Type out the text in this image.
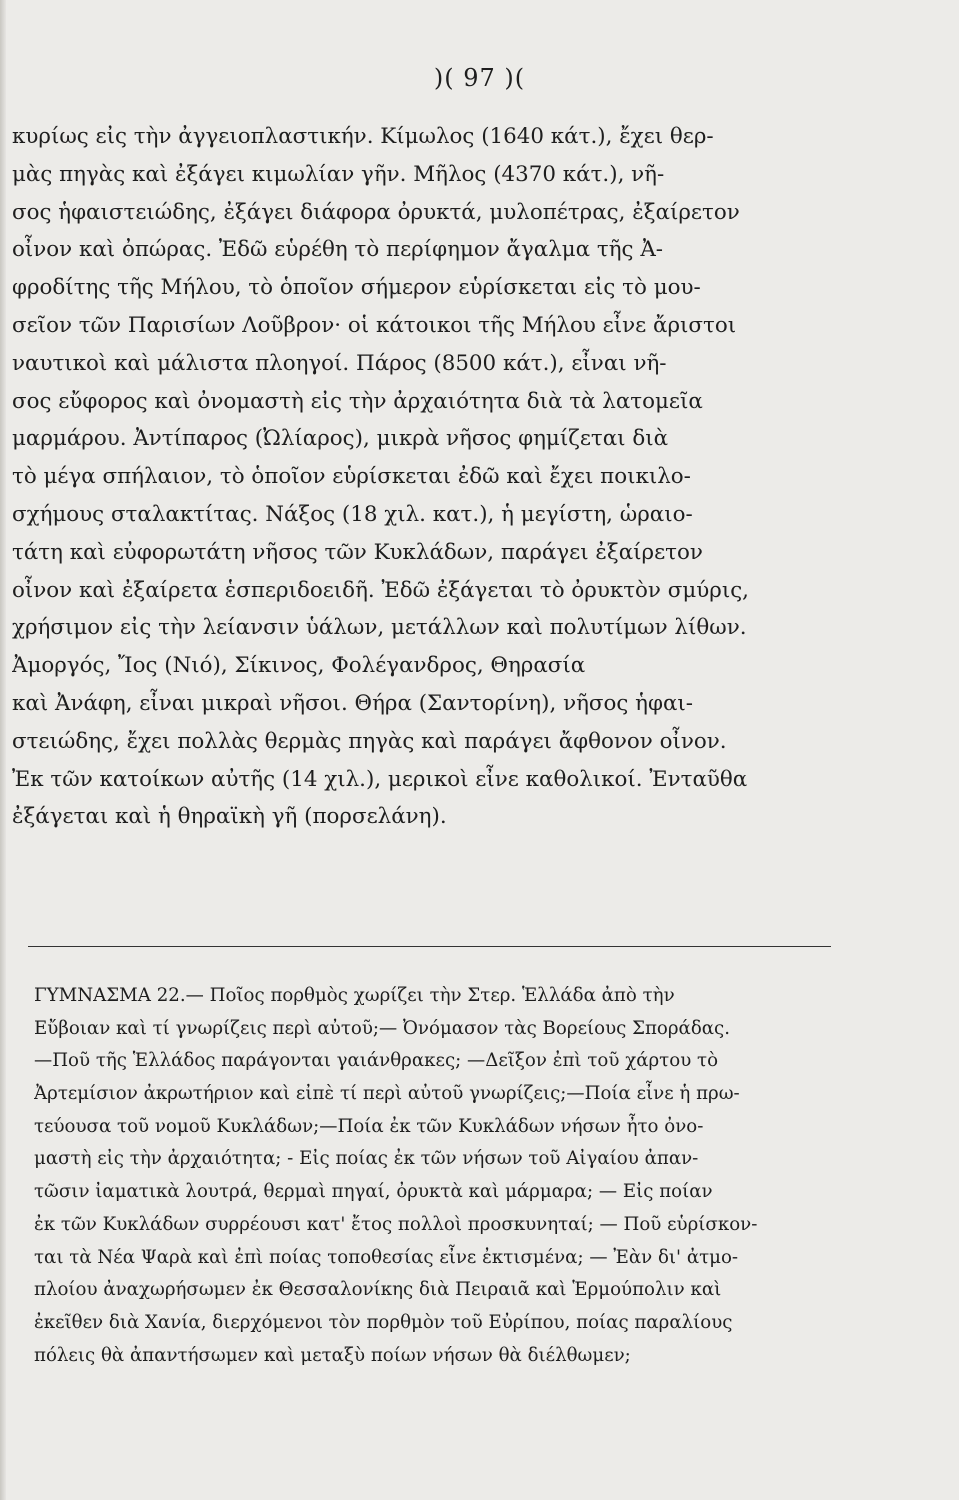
)( 97 )(
κυρίως εἰς τὴν ἀγγειοπλαστικήν. Κίμωλος (1640 κάτ.), ἔχει θερ-
μὰς πηγὰς καὶ ἐξάγει κιμωλίαν γῆν. Μῆλος (4370 κάτ.), νῆ-
σος ἡφαιστειώδης, ἐξάγει διάφορα ὀρυκτά, μυλοπέτρας, ἐξαίρετον
οἶνον καὶ ὀπώρας. Ἐδῶ εὑρέθη τὸ περίφημον ἄγαλμα τῆς Ἀ-
φροδίτης τῆς Μήλου, τὸ ὁποῖον σήμερον εὑρίσκεται εἰς τὸ μου-
σεῖον τῶν Παρισίων Λοῦβρον· οἱ κάτοικοι τῆς Μήλου εἶνε ἄριστοι
ναυτικοὶ καὶ μάλιστα πλοηγοί. Πάρος (8500 κάτ.), εἶναι νῆ-
σος εὔφορος καὶ ὀνομαστὴ εἰς τὴν ἀρχαιότητα διὰ τὰ λατομεῖα
μαρμάρου. Ἀντίπαρος (Ὠλίαρος), μικρὰ νῆσος φημίζεται διὰ
τὸ μέγα σπήλαιον, τὸ ὁποῖον εὑρίσκεται ἐδῶ καὶ ἔχει ποικιλο-
σχήμους σταλακτίτας. Νάξος (18 χιλ. κατ.), ἡ μεγίστη, ὡραιο-
τάτη καὶ εὐφορωτάτη νῆσος τῶν Κυκλάδων, παράγει ἐξαίρετον
οἶνον καὶ ἐξαίρετα ἑσπεριδοειδῆ. Ἐδῶ ἐξάγεται τὸ ὀρυκτὸν σμύρις,
χρήσιμον εἰς τὴν λείανσιν ὑάλων, μετάλλων καὶ πολυτίμων λίθων.
Ἀμοργός, Ἴος (Νιό), Σίκινος, Φολέγανδρος, Θηρασία
καὶ Ἀνάφη, εἶναι μικραὶ νῆσοι. Θήρα (Σαντορίνη), νῆσος ἡφαι-
στειώδης, ἔχει πολλὰς θερμὰς πηγὰς καὶ παράγει ἄφθονον οἶνον.
Ἐκ τῶν κατοίκων αὐτῆς (14 χιλ.), μερικοὶ εἶνε καθολικοί. Ἐνταῦθα
ἐξάγεται καὶ ἡ θηραϊκὴ γῆ (πορσελάνη).
ΓΥΜΝΑΣΜΑ 22.— Ποῖος πορθμὸς χωρίζει τὴν Στερ. Ἑλλάδα ἀπὸ τὴν
Εὔβοιαν καὶ τί γνωρίζεις περὶ αὐτοῦ;— Ὀνόμασον τὰς Βορείους Σποράδας.
—Ποῦ τῆς Ἑλλάδος παράγονται γαιάνθρακες; —Δεῖξον ἐπὶ τοῦ χάρτου τὸ
Ἀρτεμίσιον ἀκρωτήριον καὶ εἰπὲ τί περὶ αὐτοῦ γνωρίζεις;—Ποία εἶνε ἡ πρω-
τεύουσα τοῦ νομοῦ Κυκλάδων;—Ποία ἐκ τῶν Κυκλάδων νήσων ἦτο ὀνο-
μαστὴ εἰς τὴν ἀρχαιότητα; - Εἰς ποίας ἐκ τῶν νήσων τοῦ Αἰγαίου ἀπαν-
τῶσιν ἰαματικὰ λουτρά, θερμαὶ πηγαί, ὀρυκτὰ καὶ μάρμαρα; — Εἰς ποίαν
ἐκ τῶν Κυκλάδων συρρέουσι κατ' ἔτος πολλοὶ προσκυνηταί; — Ποῦ εὑρίσκον-
ται τὰ Νέα Ψαρὰ καὶ ἐπὶ ποίας τοποθεσίας εἶνε ἐκτισμένα; — Ἐὰν δι' ἀτμο-
πλοίου ἀναχωρήσωμεν ἐκ Θεσσαλονίκης διὰ Πειραιᾶ καὶ Ἑρμούπολιν καὶ
ἐκεῖθεν διὰ Χανία, διερχόμενοι τὸν πορθμὸν τοῦ Εὐρίπου, ποίας παραλίους
πόλεις θὰ ἀπαντήσωμεν καὶ μεταξὺ ποίων νήσων θὰ διέλθωμεν;
